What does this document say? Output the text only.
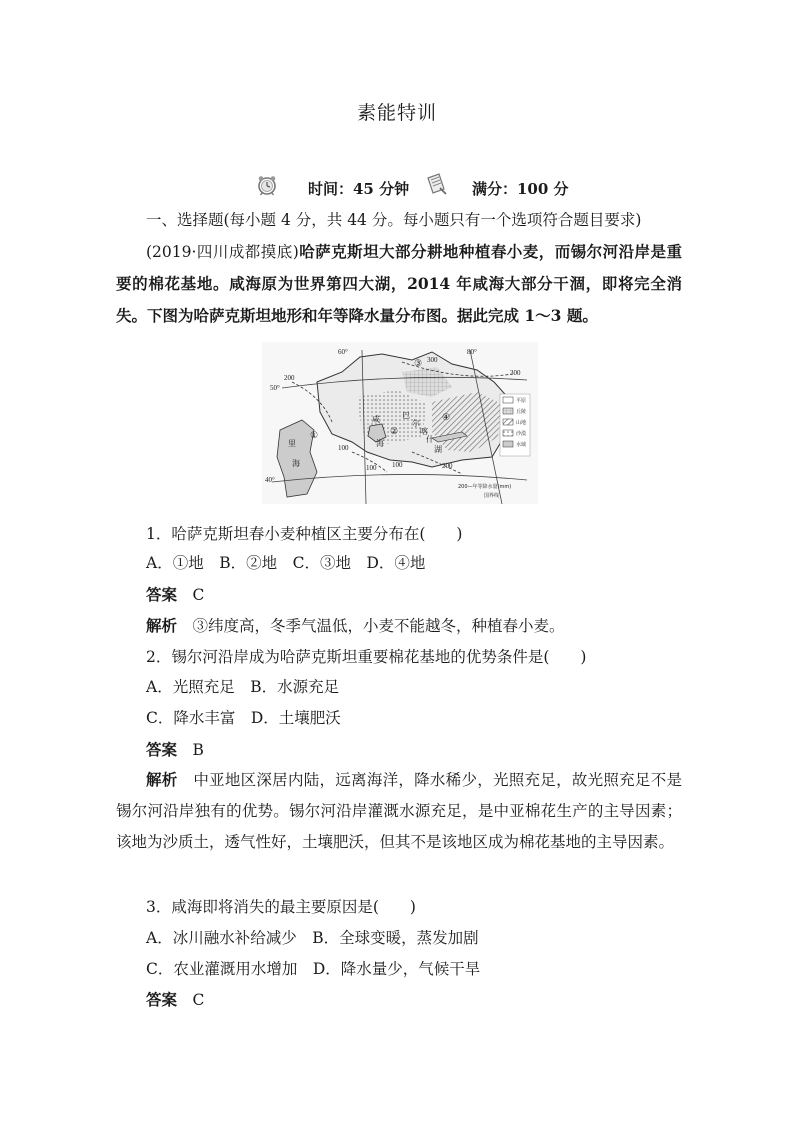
素能特训
时间：45 分钟	满分：100 分
一、选择题(每小题 4 分，共 44 分。每小题只有一个选项符合题目要求)
(2019·四川成都摸底)哈萨克斯坦大部分耕地种植春小麦，而锡尔河沿岸是重要的棉花基地。咸海原为世界第四大湖，2014 年咸海大部分干涸，即将完全消失。下图为哈萨克斯坦地形和年等降水量分布图。据此完成 1～3 题。
60°	80°
50°
40°
200
300
300
100
100 100	200
①	②
③
④
里
海
咸
海
巴
尔
喀
什
湖
平原
丘陵
山地
沙漠
水域
200—年等降水量(mm)
国界线
1．哈萨克斯坦春小麦种植区主要分布在(　　)
A．①地　B．②地　C．③地　D．④地
答案　 C
解析　 ③纬度高，冬季气温低，小麦不能越冬，种植春小麦。
2．锡尔河沿岸成为哈萨克斯坦重要棉花基地的优势条件是(　　)
A．光照充足　B．水源充足
C．降水丰富　D．土壤肥沃
答案　 B
解析　 中亚地区深居内陆，远离海洋，降水稀少，光照充足，故光照充足不是锡尔河沿岸独有的优势。锡尔河沿岸灌溉水源充足，是中亚棉花生产的主导因素；该地为沙质土，透气性好，土壤肥沃，但其不是该地区成为棉花基地的主导因素。
3．咸海即将消失的最主要原因是(　　)
A．冰川融水补给减少　B．全球变暖，蒸发加剧
C．农业灌溉用水增加　D．降水量少，气候干旱
答案　 C
